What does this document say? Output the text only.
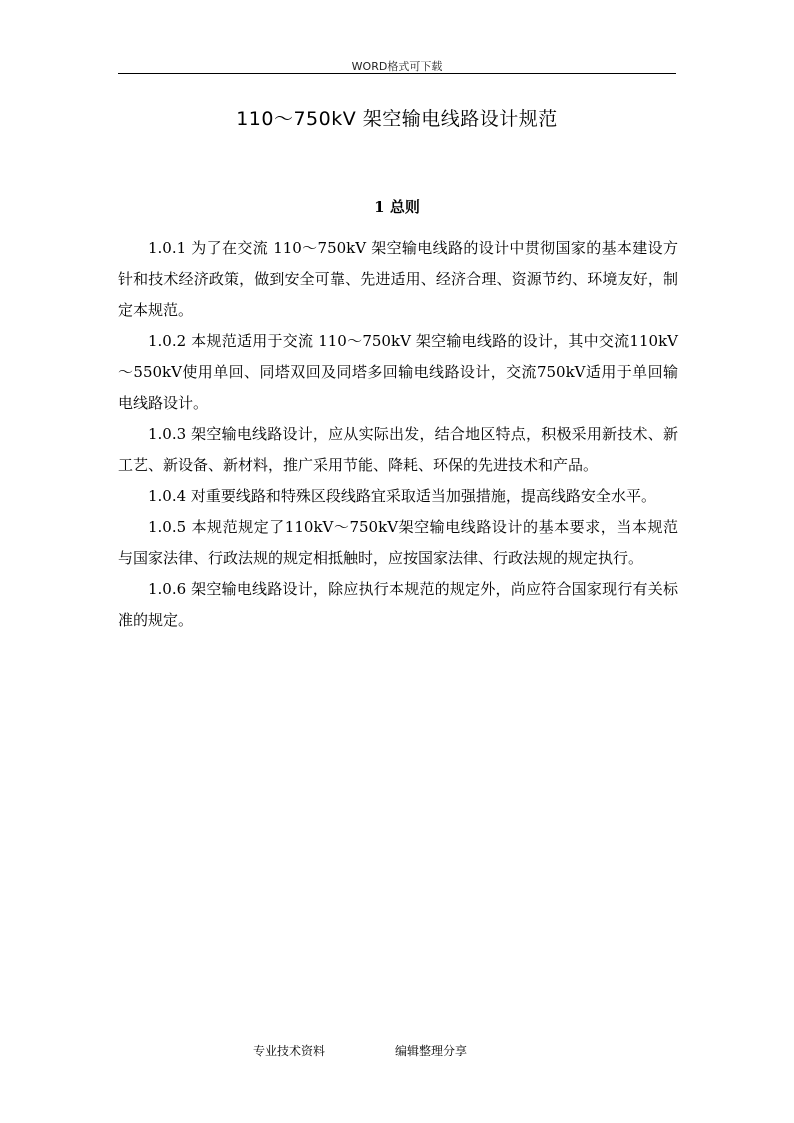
WORD格式可下载
110～750kV 架空输电线路设计规范
1 总则

1.0.1 为了在交流 110～750kV 架空输电线路的设计中贯彻国家的基本建设方针和技术经济政策，做到安全可靠、先进适用、经济合理、资源节约、环境友好，制定本规范。

1.0.2 本规范适用于交流 110～750kV 架空输电线路的设计，其中交流110kV～550kV使用单回、同塔双回及同塔多回输电线路设计，交流750kV适用于单回输电线路设计。

1.0.3 架空输电线路设计，应从实际出发，结合地区特点，积极采用新技术、新工艺、新设备、新材料，推广采用节能、降耗、环保的先进技术和产品。

1.0.4 对重要线路和特殊区段线路宜采取适当加强措施，提高线路安全水平。

1.0.5 本规范规定了110kV～750kV架空输电线路设计的基本要求，当本规范与国家法律、行政法规的规定相抵触时，应按国家法律、行政法规的规定执行。

1.0.6 架空输电线路设计，除应执行本规范的规定外，尚应符合国家现行有关标准的规定。

专业技术资料	编辑整理分享
